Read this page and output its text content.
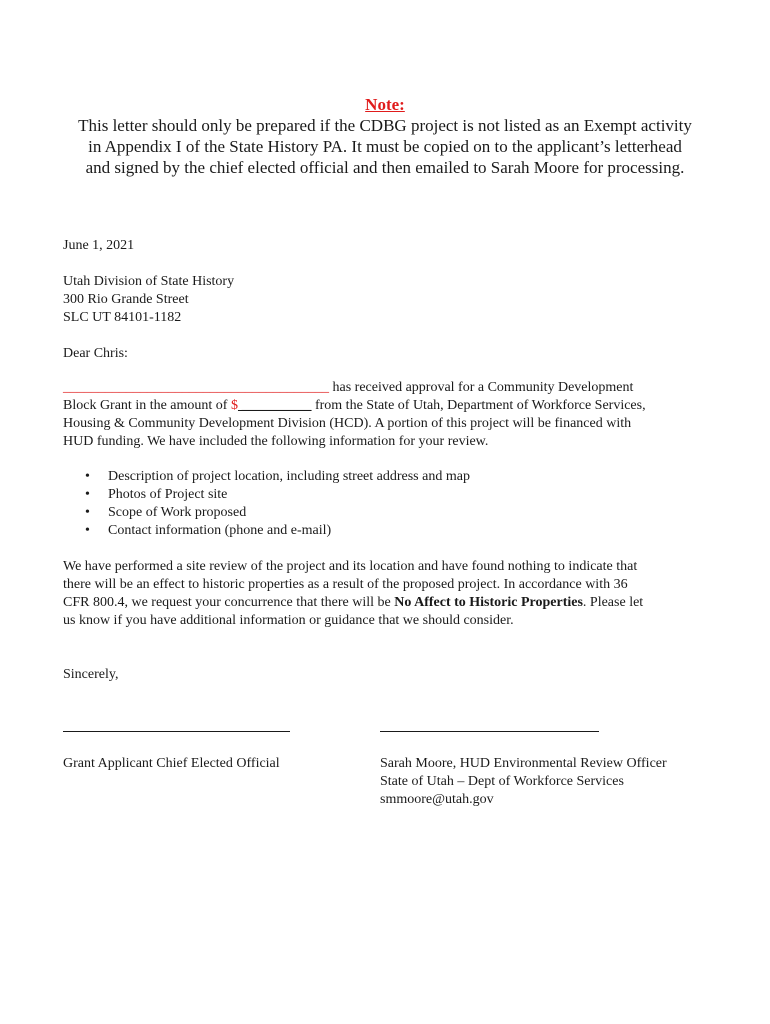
Note:
This letter should only be prepared if the CDBG project is not listed as an Exempt activity
in Appendix I of the State History PA. It must be copied on to the applicant’s letterhead
and signed by the chief elected official and then emailed to Sarah Moore for processing.
June 1, 2021
Utah Division of State History
300 Rio Grande Street
SLC UT 84101-1182
Dear Chris:
______________________________________ has received approval for a Community Development
Block Grant in the amount of $ __________ from the State of Utah, Department of Workforce Services,
Housing & Community Development Division (HCD). A portion of this project will be financed with
HUD funding. We have included the following information for your review.
• Description of project location, including street address and map
• Photos of Project site
• Scope of Work proposed
• Contact information (phone and e-mail)
We have performed a site review of the project and its location and have found nothing to indicate that
there will be an effect to historic properties as a result of the proposed project. In accordance with 36
CFR 800.4, we request your concurrence that there will be No Affect to Historic Properties. Please let
us know if you have additional information or guidance that we should consider.
Sincerely,
Grant Applicant Chief Elected Official	Sarah Moore, HUD Environmental Review Officer
State of Utah – Dept of Workforce Services
smmoore@utah.gov
